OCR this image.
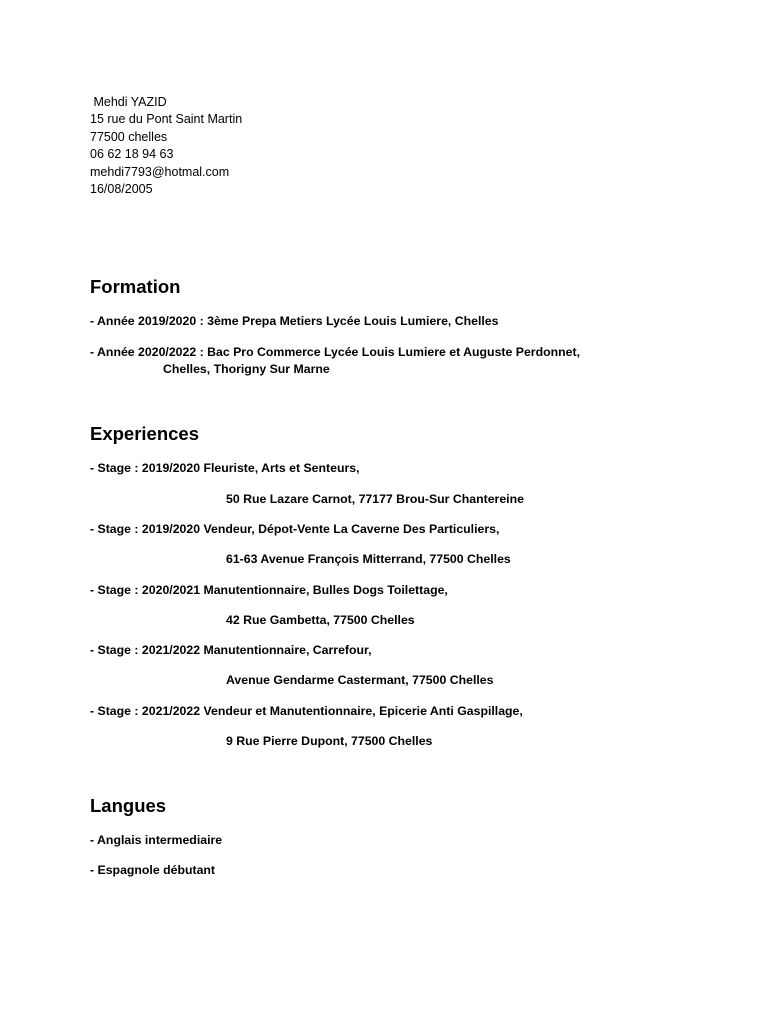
Mehdi YAZID
15 rue du Pont Saint Martin
77500 chelles
06 62 18 94 63
mehdi7793@hotmal.com
16/08/2005
Formation
- Année 2019/2020 : 3ème Prepa Metiers Lycée Louis Lumiere, Chelles
- Année 2020/2022 : Bac Pro Commerce Lycée Louis Lumiere et Auguste Perdonnet,
Chelles, Thorigny Sur Marne
Experiences
- Stage : 2019/2020 Fleuriste, Arts et Senteurs,
50 Rue Lazare Carnot, 77177 Brou-Sur Chantereine
- Stage : 2019/2020 Vendeur, Dépot-Vente La Caverne Des Particuliers,
61-63 Avenue François Mitterrand, 77500 Chelles
- Stage : 2020/2021 Manutentionnaire, Bulles Dogs Toilettage,
42 Rue Gambetta, 77500 Chelles
- Stage : 2021/2022 Manutentionnaire, Carrefour,
Avenue Gendarme Castermant, 77500 Chelles
- Stage : 2021/2022 Vendeur et Manutentionnaire, Epicerie Anti Gaspillage,
9 Rue Pierre Dupont, 77500 Chelles
Langues
- Anglais intermediaire
- Espagnole débutant
